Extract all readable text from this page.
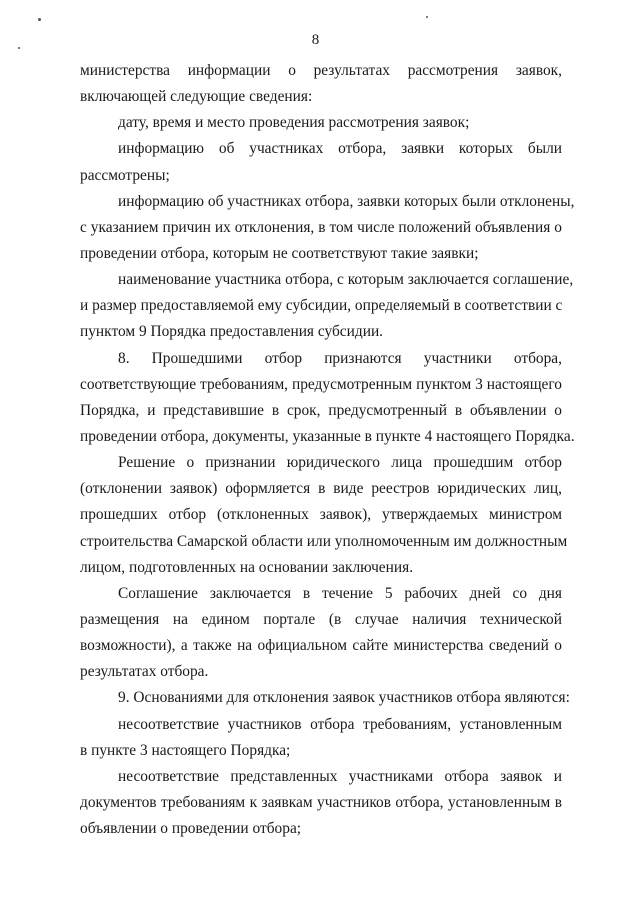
8
министерства информации о результатах рассмотрения заявок,
включающей следующие сведения:
дату, время и место проведения рассмотрения заявок;
информацию об участниках отбора, заявки которых были
рассмотрены;
информацию об участниках отбора, заявки которых были отклонены,
с указанием причин их отклонения, в том числе положений объявления о
проведении отбора, которым не соответствуют такие заявки;
наименование участника отбора, с которым заключается соглашение,
и размер предоставляемой ему субсидии, определяемый в соответствии с
пунктом 9 Порядка предоставления субсидии.
8. Прошедшими отбор признаются участники отбора,
соответствующие требованиям, предусмотренным пунктом 3 настоящего
Порядка, и представившие в срок, предусмотренный в объявлении о
проведении отбора, документы, указанные в пункте 4 настоящего Порядка.
Решение о признании юридического лица прошедшим отбор
(отклонении заявок) оформляется в виде реестров юридических лиц,
прошедших отбор (отклоненных заявок), утверждаемых министром
строительства Самарской области или уполномоченным им должностным
лицом, подготовленных на основании заключения.
Соглашение заключается в течение 5 рабочих дней со дня
размещения на едином портале (в случае наличия технической
возможности), а также на официальном сайте министерства сведений о
результатах отбора.
9. Основаниями для отклонения заявок участников отбора являются:
несоответствие участников отбора требованиям, установленным
в пункте 3 настоящего Порядка;
несоответствие представленных участниками отбора заявок и
документов требованиям к заявкам участников отбора, установленным в
объявлении о проведении отбора;
